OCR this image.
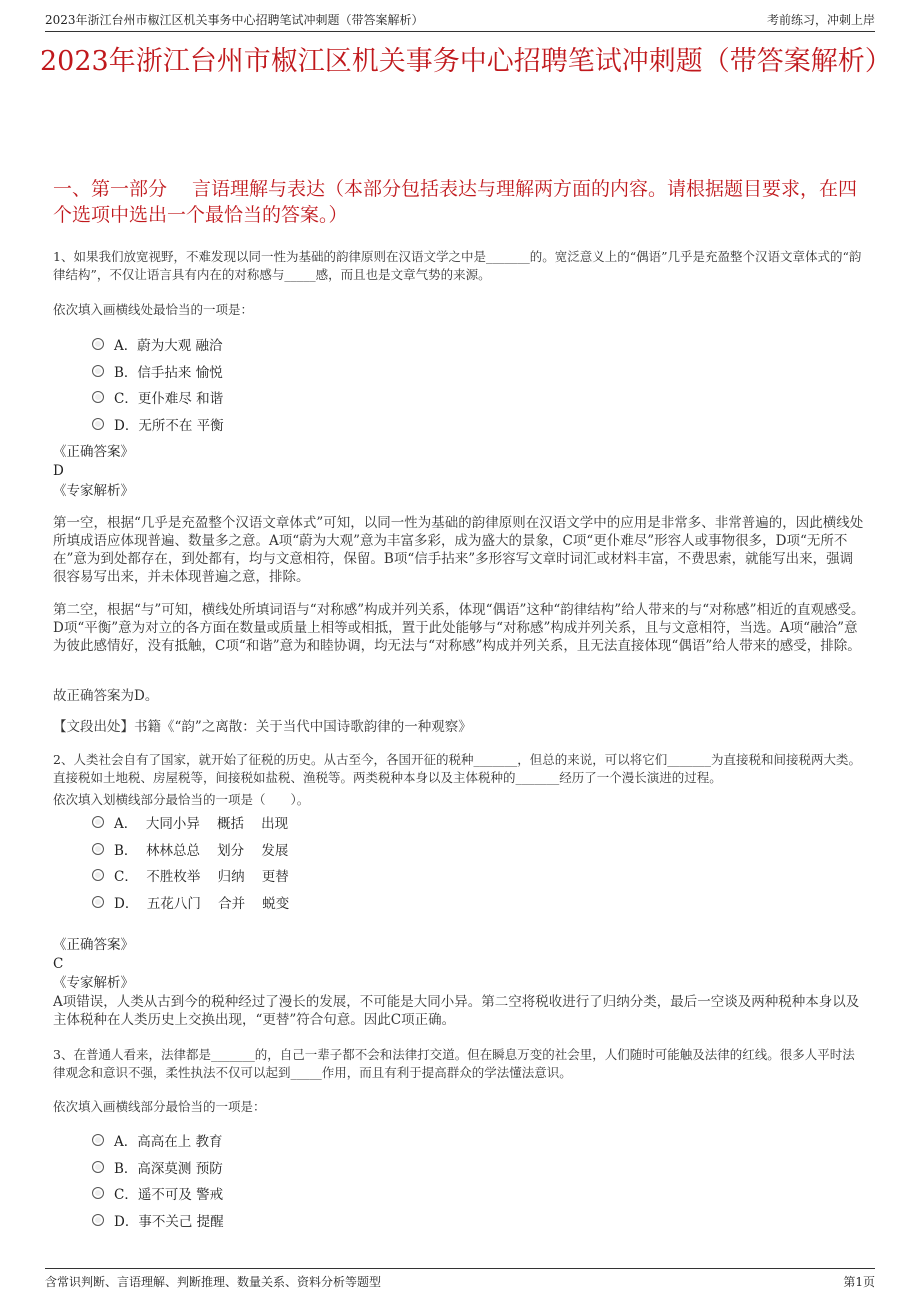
2023年浙江台州市椒江区机关事务中心招聘笔试冲刺题（带答案解析）	考前练习，冲刺上岸
2023年浙江台州市椒江区机关事务中心招聘笔试冲刺题（带答案解析）
一、第一部分　 言语理解与表达（本部分包括表达与理解两方面的内容。请根据题目要求，在四个选项中选出一个最恰当的答案。）
1、如果我们放宽视野，不难发现以同一性为基础的韵律原则在汉语文学之中是_______的。宽泛意义上的“偶语”几乎是充盈整个汉语文章体式的“韵律结构”，不仅让语言具有内在的对称感与_____感，而且也是文章气势的来源。
依次填入画横线处最恰当的一项是：
A．蔚为大观 融洽
B．信手拈来 愉悦
C．更仆难尽 和谐
D．无所不在 平衡
《正确答案》
D
《专家解析》
第一空，根据“几乎是充盈整个汉语文章体式”可知，以同一性为基础的韵律原则在汉语文学中的应用是非常多、非常普遍的，因此横线处所填成语应体现普遍、数量多之意。A项“蔚为大观”意为丰富多彩，成为盛大的景象，C项“更仆难尽”形容人或事物很多，D项“无所不在”意为到处都存在，到处都有，均与文意相符，保留。B项“信手拈来”多形容写文章时词汇或材料丰富，不费思索，就能写出来，强调很容易写出来，并未体现普遍之意，排除。
第二空，根据“与”可知，横线处所填词语与“对称感”构成并列关系，体现“偶语”这种“韵律结构”给人带来的与“对称感”相近的直观感受。D项“平衡”意为对立的各方面在数量或质量上相等或相抵，置于此处能够与“对称感”构成并列关系，且与文意相符，当选。A项“融洽”意为彼此感情好，没有抵触，C项“和谐”意为和睦协调，均无法与“对称感”构成并列关系，且无法直接体现“偶语”给人带来的感受，排除。
故正确答案为D。
【文段出处】书籍《“韵”之离散：关于当代中国诗歌韵律的一种观察》
2、人类社会自有了国家，就开始了征税的历史。从古至今，各国开征的税种_______，但总的来说，可以将它们_______为直接税和间接税两大类。直接税如土地税、房屋税等，间接税如盐税、渔税等。两类税种本身以及主体税种的_______经历了一个漫长演进的过程。
依次填入划横线部分最恰当的一项是（　　）。
A．  大同小异    概括    出现
B．  林林总总    划分    发展
C．  不胜枚举    归纳    更替
D．  五花八门    合并    蜕变
《正确答案》
C
《专家解析》
A项错误，人类从古到今的税种经过了漫长的发展，不可能是大同小异。第二空将税收进行了归纳分类，最后一空谈及两种税种本身以及主体税种在人类历史上交换出现，“更替”符合句意。因此C项正确。
3、在普通人看来，法律都是_______的，自己一辈子都不会和法律打交道。但在瞬息万变的社会里，人们随时可能触及法律的红线。很多人平时法律观念和意识不强，柔性执法不仅可以起到_____作用，而且有利于提高群众的学法懂法意识。
依次填入画横线部分最恰当的一项是：
A．高高在上 教育
B．高深莫测 预防
C．遥不可及 警戒
D．事不关己 提醒
含常识判断、言语理解、判断推理、数量关系、资料分析等题型	第1页
